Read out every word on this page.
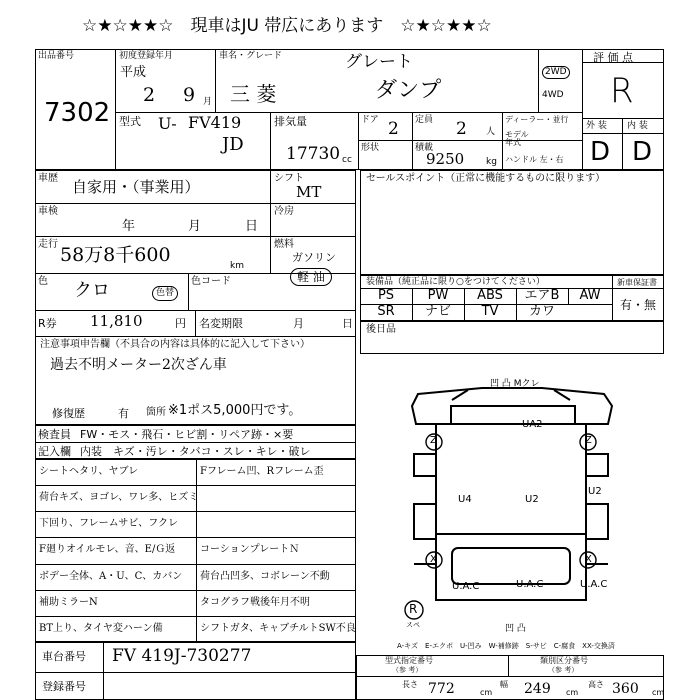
☆★☆★★☆　現車はJU 帯広にあります　☆★☆★★☆
出品番号
7302
初度登録年月
平成
2 9 月
車名・グレード	グレート
三 菱	ダンプ
2WD
4WD
評 価 点
R
外 装 内 装
D D
型式 U- FV419
JD
排気量
17730 cc
ドア 2 定員 2 人
ディーラー・並行
モデル年式
ハンドル 左・右
形状	積載
9250 kg
車歴 自家用・（事業用）	シフト
MT
車検
年	月	日
冷房
走行 58万8千600	km
燃料
ガソリン
軽 油
色 クロ	色替
色コード
R券 11,810	円 名変期限	月	日
注意事項申告欄（不具合の内容は具体的に記入して下さい）
過去不明メーター2次ざん車
修復歴	有 箇所 ※1ポス5,000円です。
セールスポイント（正常に機能するものに限ります）
装備品（純正品に限り○をつけてください）	新車保証書
有・無
PS	PW	ABS	エアB	AW
SR	ナビ	TV	カワ
後日品
検査員 FW・モス・飛石・ヒビ割・リペア跡・×要
記入欄 内装　キズ・汚レ・タバコ・スレ・キレ・破レ
シートヘタリ、ヤブレ	Fフレーム凹、Rフレーム歪
荷台キズ、ヨゴレ、ワレ多、ヒズミ
下回り、フレームサビ、フクレ
F廻りオイルモレ、音、E/Ｇ返 コーションプレートＮ
ボデー全体、A・U、C、カバン 荷台凸凹多、コボレーン不動
補助ミラーN	タコグラフ戦後年月不明
BT上り、タイヤ変ハーン備	シフトガタ、キャブチルトSW不良
凹 凸 Mクレ
凹 凸
UA2
U2
U4
U2
U.A.C	U.A.C	U.A.C
Z	Z
X	X
R
スペ
A-キズ　E-エクボ　U-凹み　W-補修跡　S-サビ　C-腐食　XX-交換済
車台番号 FV 419J-730277
登録番号
型式指定番号
（参 考）
類別区分番号
（参 考）
長さ 772	cm
幅 249 cm
高さ 360 cm
